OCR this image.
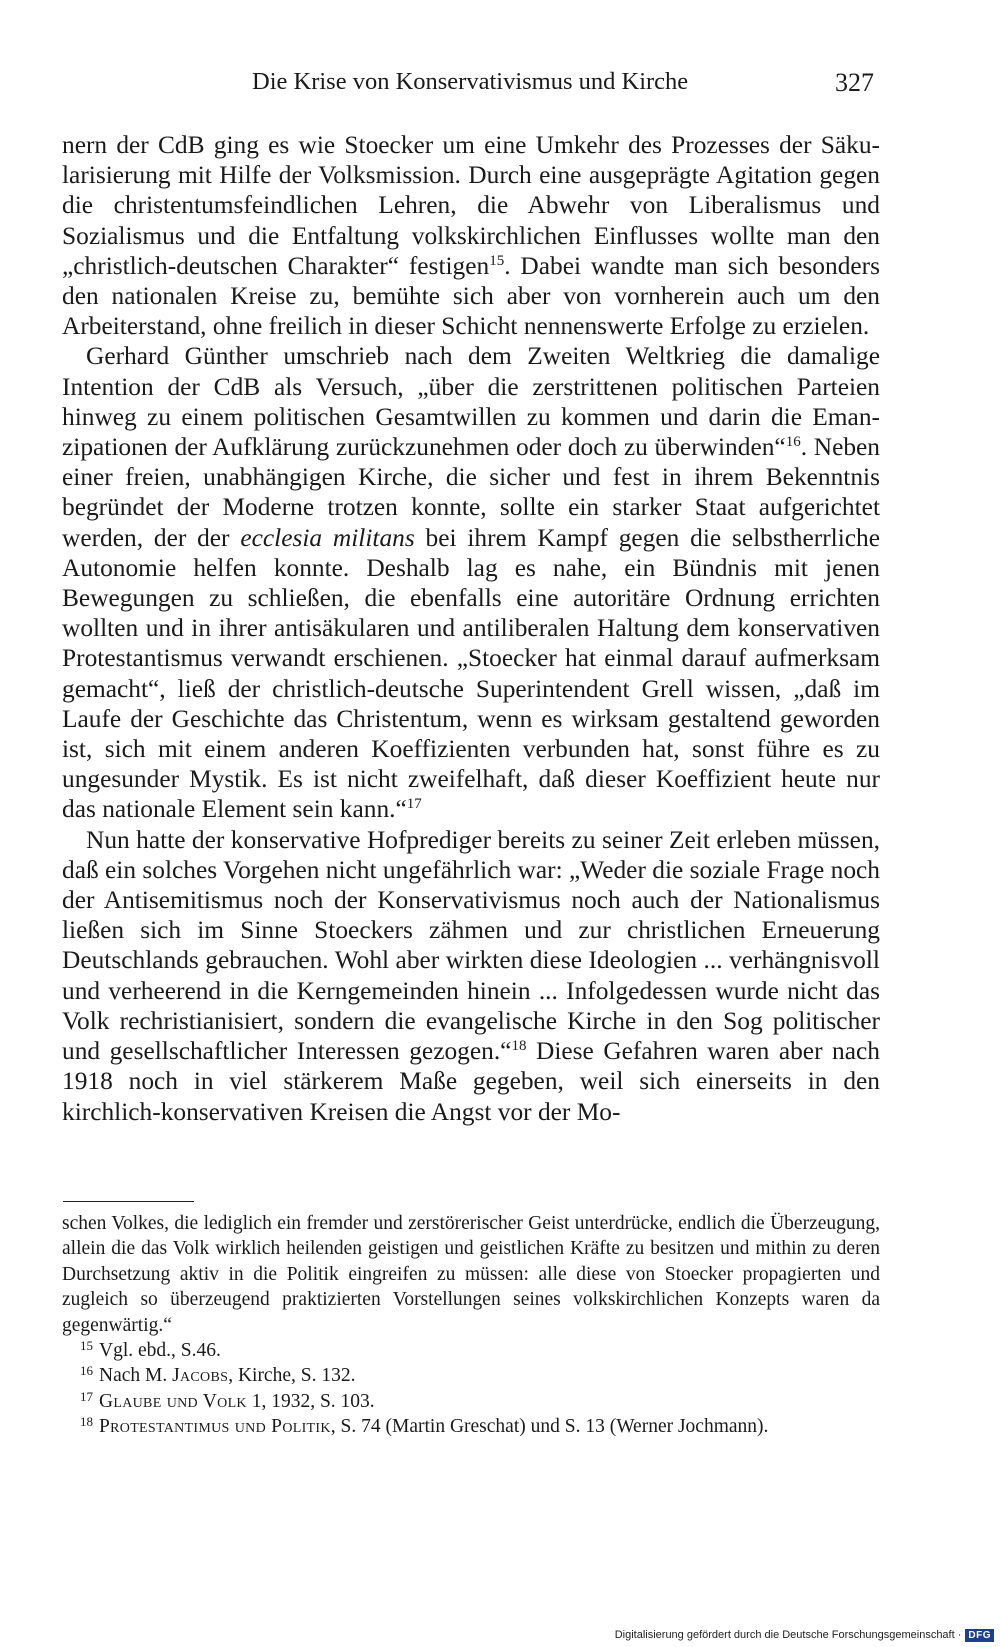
Die Krise von Konservativismus und Kirche	327

nern der CdB ging es wie Stoecker um eine Umkehr des Prozesses der Säkularisierung mit Hilfe der Volksmission. Durch eine ausgeprägte Agitation gegen die christentumsfeindlichen Lehren, die Abwehr von Liberalismus und Sozialismus und die Entfaltung volkskirchlichen Einflusses wollte man den „christlich-deutschen Charakter“ festigen$^{15}$. Dabei wandte man sich besonders den nationalen Kreise zu, bemühte sich aber von vornherein auch um den Arbeiterstand, ohne freilich in dieser Schicht nennenswerte Erfolge zu erzielen.

Gerhard Günther umschrieb nach dem Zweiten Weltkrieg die damalige Intention der CdB als Versuch, „über die zerstrittenen politischen Parteien hinweg zu einem politischen Gesamtwillen zu kommen und darin die Emanzipationen der Aufklärung zurückzunehmen oder doch zu überwinden“$^{16}$. Neben einer freien, unabhängigen Kirche, die sicher und fest in ihrem Bekenntnis begründet der Moderne trotzen konnte, sollte ein starker Staat aufgerichtet werden, der der ecclesia militans bei ihrem Kampf gegen die selbstherrliche Autonomie helfen konnte. Deshalb lag es nahe, ein Bündnis mit jenen Bewegungen zu schließen, die ebenfalls eine autoritäre Ordnung errichten wollten und in ihrer antisäkularen und antiliberalen Haltung dem konservativen Protestantismus verwandt erschienen. „Stoecker hat einmal darauf aufmerksam gemacht“, ließ der christlich-deutsche Superintendent Grell wissen, „daß im Laufe der Geschichte das Christentum, wenn es wirksam gestaltend geworden ist, sich mit einem anderen Koeffizienten verbunden hat, sonst führe es zu ungesunder Mystik. Es ist nicht zweifelhaft, daß dieser Koeffizient heute nur das nationale Element sein kann.“$^{17}$

Nun hatte der konservative Hofprediger bereits zu seiner Zeit erleben müssen, daß ein solches Vorgehen nicht ungefährlich war: „Weder die soziale Frage noch der Antisemitismus noch der Konservativismus noch auch der Nationalismus ließen sich im Sinne Stoeckers zähmen und zur christlichen Erneuerung Deutschlands gebrauchen. Wohl aber wirkten diese Ideologien ... verhängnisvoll und verheerend in die Kerngemeinden hinein ... Infolgedessen wurde nicht das Volk rechristianisiert, sondern die evangelische Kirche in den Sog politischer und gesellschaftlicher Interessen gezogen.“$^{18}$ Diese Gefahren waren aber nach 1918 noch in viel stärkerem Maße gegeben, weil sich einerseits in den kirchlich-konservativen Kreisen die Angst vor der Mo-

schen Volkes, die lediglich ein fremder und zerstörerischer Geist unterdrücke, endlich die Überzeugung, allein die das Volk wirklich heilenden geistigen und geistlichen Kräfte zu besitzen und mithin zu deren Durchsetzung aktiv in die Politik eingreifen zu müssen: alle diese von Stoecker propagierten und zugleich so überzeugend praktizierten Vorstellungen seines volkskirchlichen Konzepts waren da gegenwärtig.“

$^{15}$ Vgl. ebd., S.46.

$^{16}$ Nach M. Jacobs, Kirche, S. 132.

$^{17}$ Glaube und Volk 1, 1932, S. 103.

$^{18}$ Protestantimus und Politik, S. 74 (Martin Greschat) und S. 13 (Werner Jochmann).

Digitalisierung gefördert durch die Deutsche Forschungsgemeinschaft · DFG
